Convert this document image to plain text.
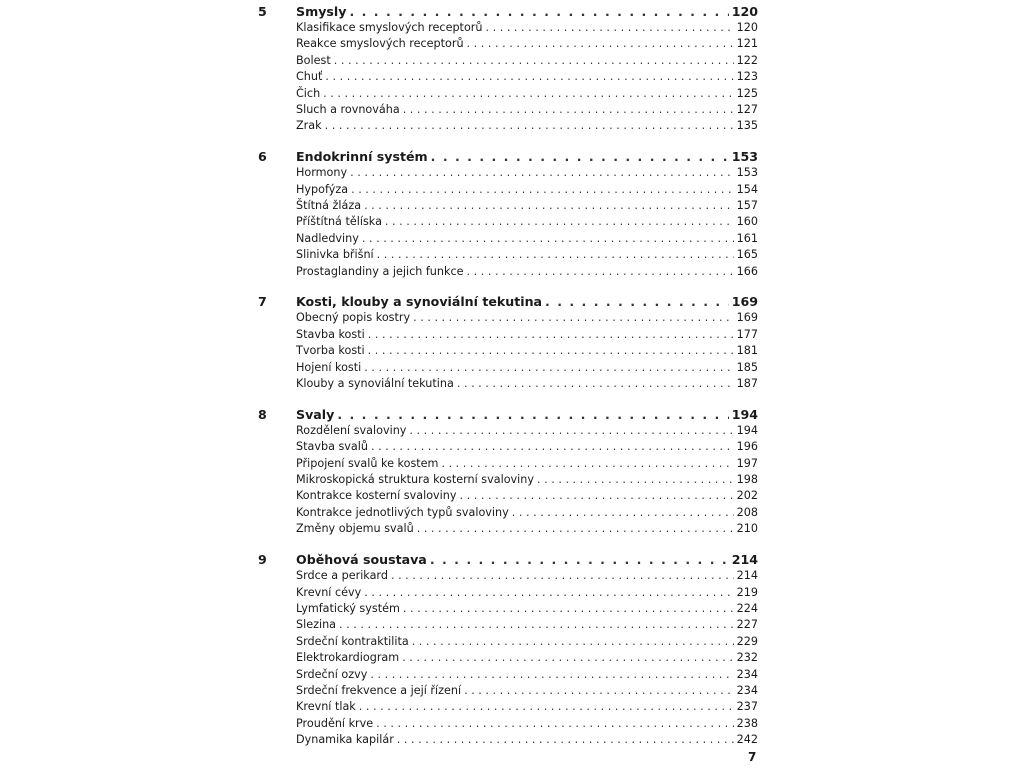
5	Smysly . . .	120
Klasifikace smyslových receptorů . . .	120
Reakce smyslových receptorů . . .	121
Bolest . . .	122
Chuť . . .	123
Čich . . .	125
Sluch a rovnováha . . .	127
Zrak . . .	135
6	Endokrinní systém . . .	153
Hormony . . .	153
Hypofýza . . .	154
Štítná žláza . . .	157
Příštítná tělíska . . .	160
Nadledviny . . .	161
Slinivka břišní . . .	165
Prostaglandiny a jejich funkce . . .	166
7	Kosti, klouby a synoviální tekutina . . .	169
Obecný popis kostry . . .	169
Stavba kosti . . .	177
Tvorba kosti . . .	181
Hojení kosti . . .	185
Klouby a synoviální tekutina . . .	187
8	Svaly . . .	194
Rozdělení svaloviny . . .	194
Stavba svalů . . .	196
Připojení svalů ke kostem . . .	197
Mikroskopická struktura kosterní svaloviny . . .	198
Kontrakce kosterní svaloviny . . .	202
Kontrakce jednotlivých typů svaloviny . . .	208
Změny objemu svalů . . .	210
9	Oběhová soustava . . .	214
Srdce a perikard . . .	214
Krevní cévy . . .	219
Lymfatický systém . . .	224
Slezina . . .	227
Srdeční kontraktilita . . .	229
Elektrokardiogram . . .	232
Srdeční ozvy . . .	234
Srdeční frekvence a její řízení . . .	234
Krevní tlak . . .	237
Proudění krve . . .	238
Dynamika kapilár . . .	242
7
